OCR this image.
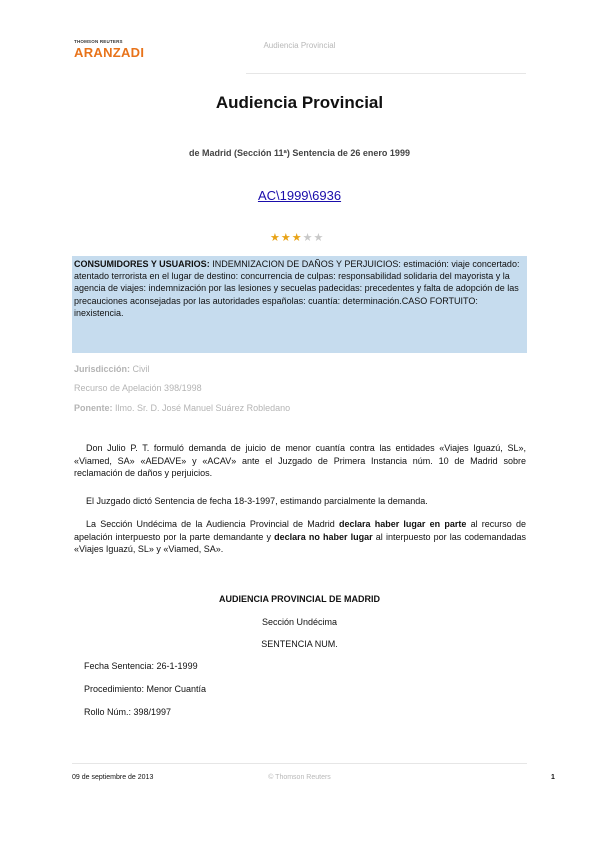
THOMSON REUTERS
ARANZADI	Audiencia Provincial
Audiencia Provincial
de Madrid (Sección 11ª) Sentencia de 26 enero 1999
AC\1999\6936
★ ★ ★ ★ ★
CONSUMIDORES Y USUARIOS: INDEMNIZACION DE DAÑOS Y PERJUICIOS: estimación: viaje concertado: atentado terrorista en el lugar de destino: concurrencia de culpas: responsabilidad solidaria del mayorista y la agencia de viajes: indemnización por las lesiones y secuelas padecidas: precedentes y falta de adopción de las precauciones aconsejadas por las autoridades españolas: cuantía: determinación.CASO FORTUITO: inexistencia.
Jurisdicción: Civil
Recurso de Apelación 398/1998
Ponente: Ilmo. Sr. D. José Manuel Suárez Robledano
Don Julio P. T. formuló demanda de juicio de menor cuantía contra las entidades «Viajes Iguazú, SL», «Viamed, SA» «AEDAVE» y «ACAV» ante el Juzgado de Primera Instancia núm. 10 de Madrid sobre reclamación de daños y perjuicios.
El Juzgado dictó Sentencia de fecha 18-3-1997, estimando parcialmente la demanda.
La Sección Undécima de la Audiencia Provincial de Madrid declara haber lugar en parte al recurso de apelación interpuesto por la parte demandante y declara no haber lugar al interpuesto por las codemandadas «Viajes Iguazú, SL» y «Viamed, SA».
AUDIENCIA PROVINCIAL DE MADRID
Sección Undécima
SENTENCIA NUM.
Fecha Sentencia: 26-1-1999
Procedimiento: Menor Cuantía
Rollo Núm.: 398/1997
09 de septiembre de 2013	© Thomson Reuters	1
